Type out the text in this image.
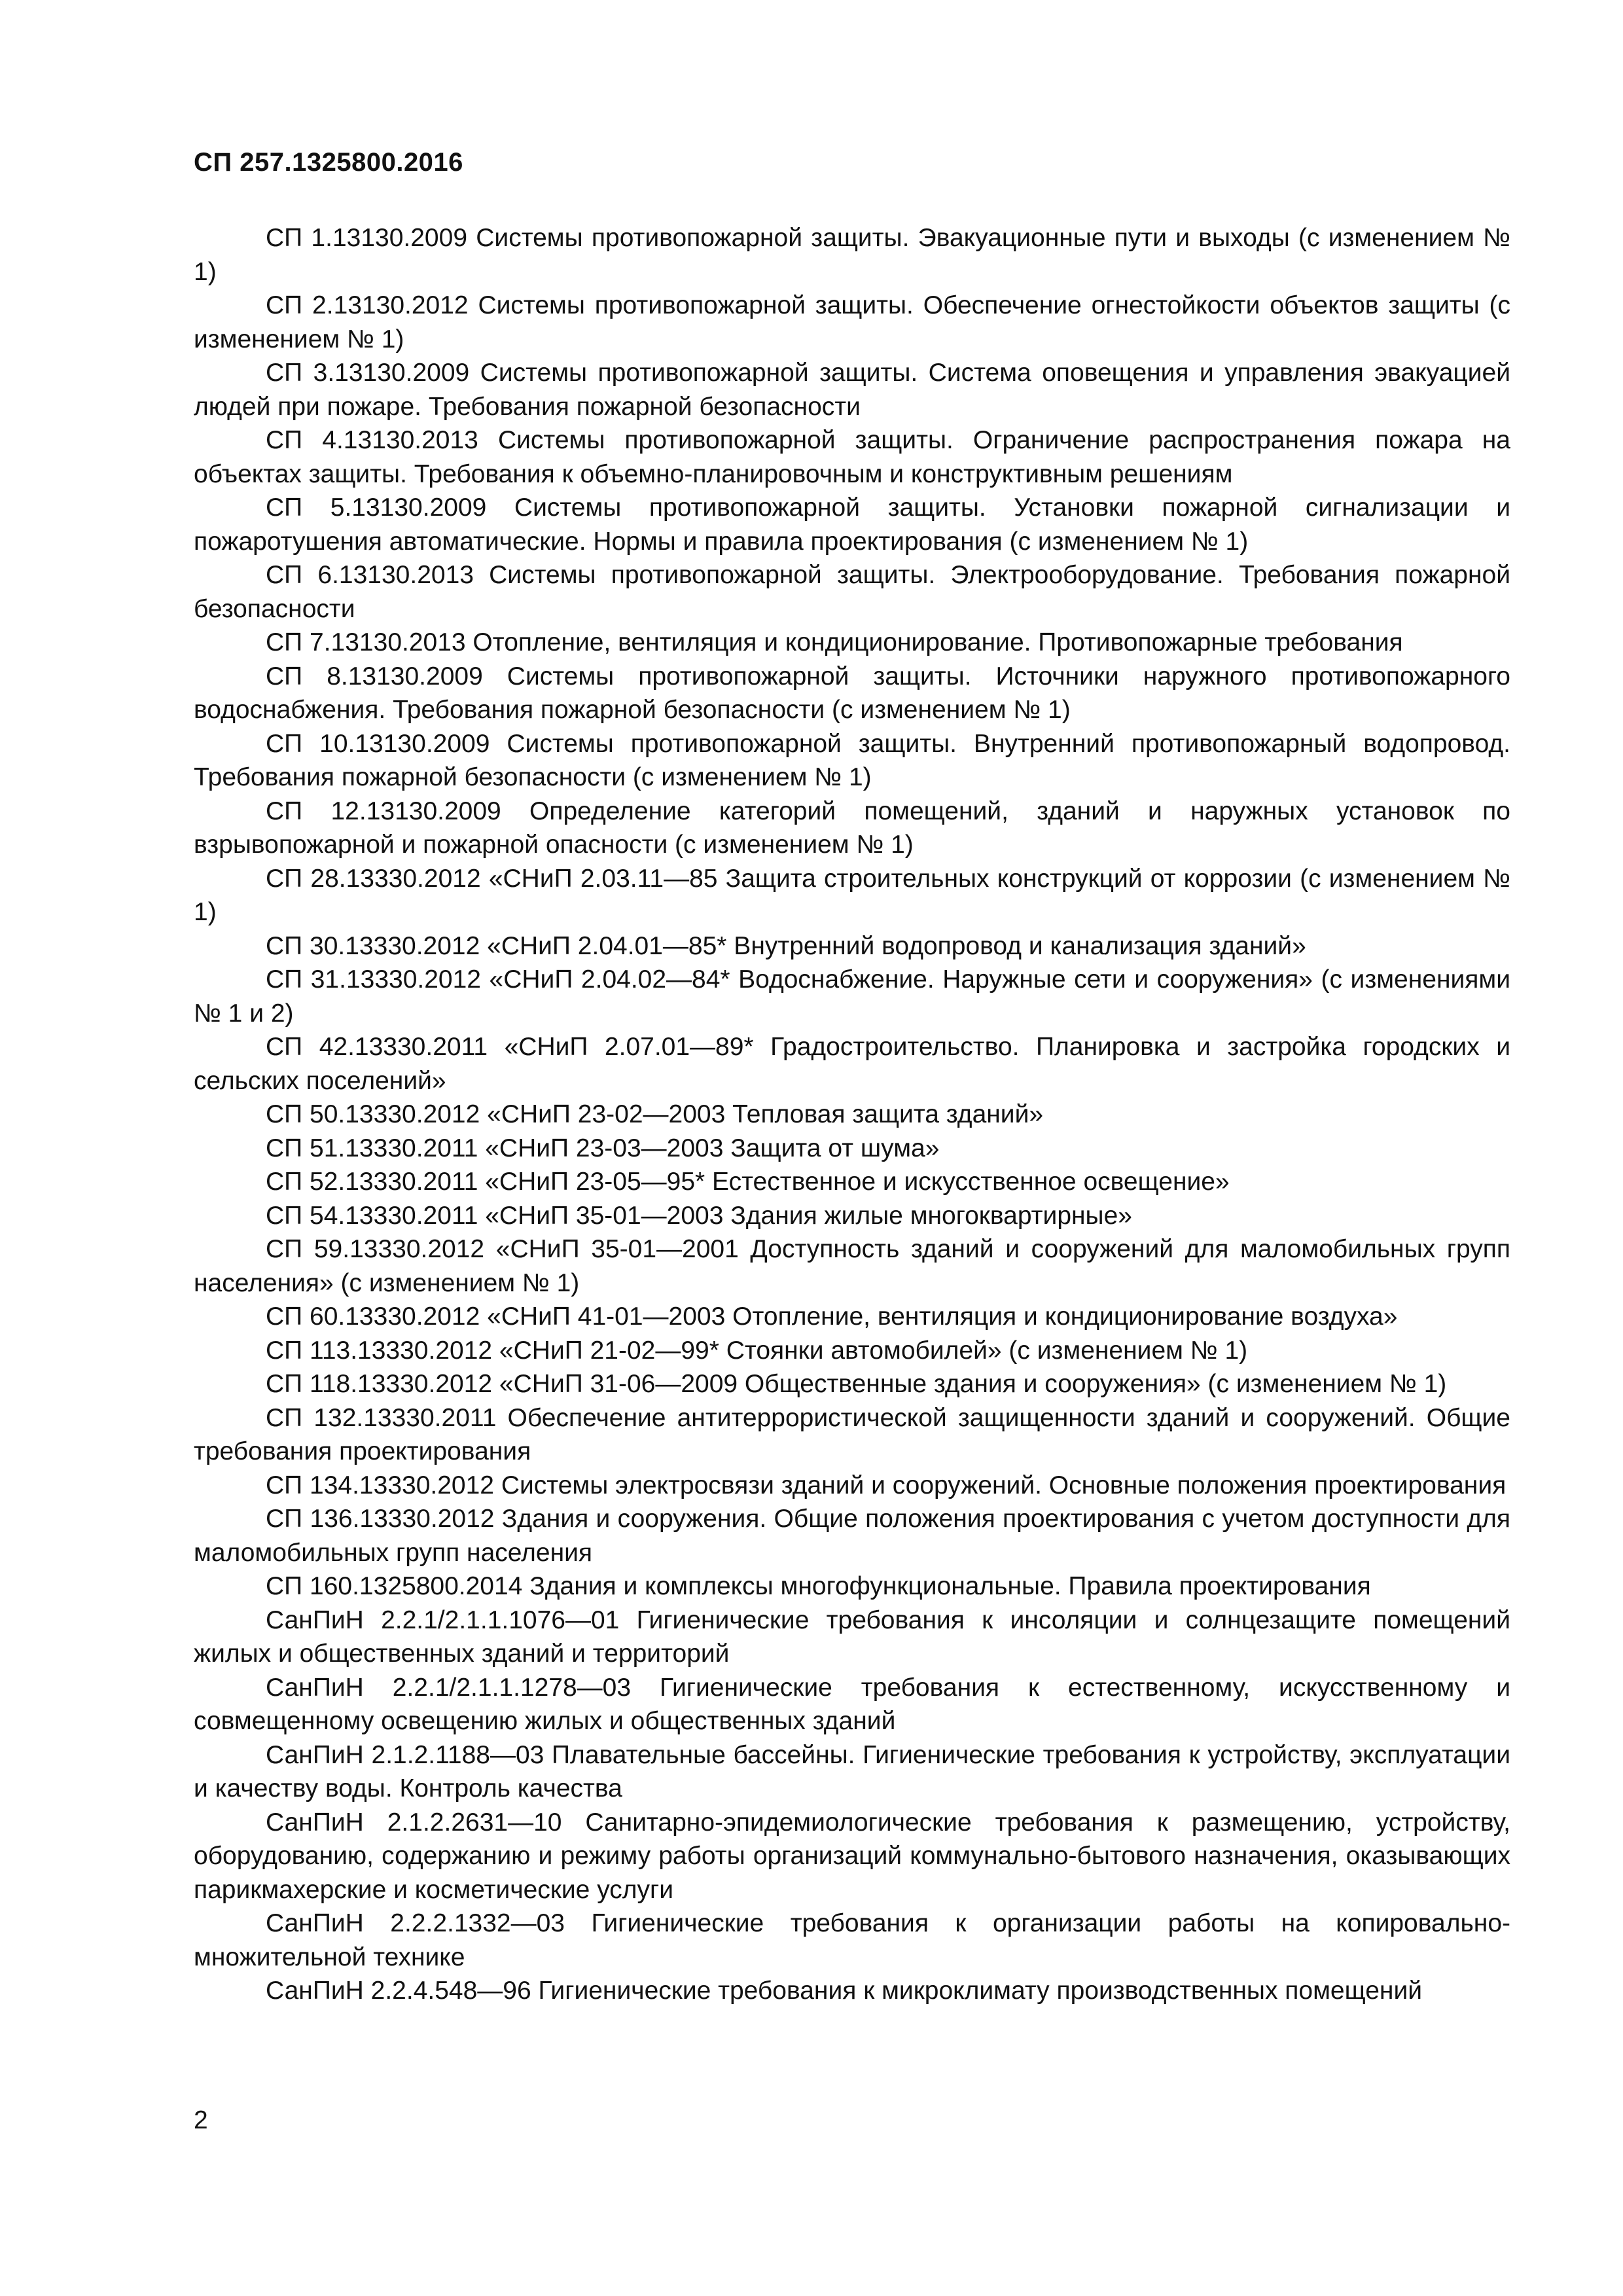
СП 257.1325800.2016
СП 1.13130.2009 Системы противопожарной защиты. Эвакуационные пути и выходы (с изменением № 1)
СП 2.13130.2012 Системы противопожарной защиты. Обеспечение огнестойкости объектов защиты (с изменением № 1)
СП 3.13130.2009 Системы противопожарной защиты. Система оповещения и управления эвакуацией людей при пожаре. Требования пожарной безопасности
СП 4.13130.2013 Системы противопожарной защиты. Ограничение распространения пожара на объектах защиты. Требования к объемно-планировочным и конструктивным решениям
СП 5.13130.2009 Системы противопожарной защиты. Установки пожарной сигнализации и пожаротушения автоматические. Нормы и правила проектирования (с изменением № 1)
СП 6.13130.2013 Системы противопожарной защиты. Электрооборудование. Требования пожарной безопасности
СП 7.13130.2013 Отопление, вентиляция и кондиционирование. Противопожарные требования
СП 8.13130.2009 Системы противопожарной защиты. Источники наружного противопожарного водоснабжения. Требования пожарной безопасности (с изменением № 1)
СП 10.13130.2009 Системы противопожарной защиты. Внутренний противопожарный водопровод. Требования пожарной безопасности (с изменением № 1)
СП 12.13130.2009 Определение категорий помещений, зданий и наружных установок по взрывопожарной и пожарной опасности (с изменением № 1)
СП 28.13330.2012 «СНиП 2.03.11—85 Защита строительных конструкций от коррозии (с изменением № 1)
СП 30.13330.2012 «СНиП 2.04.01—85* Внутренний водопровод и канализация зданий»
СП 31.13330.2012 «СНиП 2.04.02—84* Водоснабжение. Наружные сети и сооружения» (с изменениями № 1 и 2)
СП 42.13330.2011 «СНиП 2.07.01—89* Градостроительство. Планировка и застройка городских и сельских поселений»
СП 50.13330.2012 «СНиП 23-02—2003 Тепловая защита зданий»
СП 51.13330.2011 «СНиП 23-03—2003 Защита от шума»
СП 52.13330.2011 «СНиП 23-05—95* Естественное и искусственное освещение»
СП 54.13330.2011 «СНиП 35-01—2003 Здания жилые многоквартирные»
СП 59.13330.2012 «СНиП 35-01—2001 Доступность зданий и сооружений для маломобильных групп населения» (с изменением № 1)
СП 60.13330.2012 «СНиП 41-01—2003 Отопление, вентиляция и кондиционирование воздуха»
СП 113.13330.2012 «СНиП 21-02—99* Стоянки автомобилей» (с изменением № 1)
СП 118.13330.2012 «СНиП 31-06—2009 Общественные здания и сооружения» (с изменением № 1)
СП 132.13330.2011 Обеспечение антитеррористической защищенности зданий и сооружений. Общие требования проектирования
СП 134.13330.2012 Системы электросвязи зданий и сооружений. Основные положения проектирования
СП 136.13330.2012 Здания и сооружения. Общие положения проектирования с учетом доступности для маломобильных групп населения
СП 160.1325800.2014 Здания и комплексы многофункциональные. Правила проектирования
СанПиН 2.2.1/2.1.1.1076—01 Гигиенические требования к инсоляции и солнцезащите помещений жилых и общественных зданий и территорий
СанПиН 2.2.1/2.1.1.1278—03 Гигиенические требования к естественному, искусственному и совмещенному освещению жилых и общественных зданий
СанПиН 2.1.2.1188—03 Плавательные бассейны. Гигиенические требования к устройству, эксплуатации и качеству воды. Контроль качества
СанПиН 2.1.2.2631—10 Санитарно-эпидемиологические требования к размещению, устройству, оборудованию, содержанию и режиму работы организаций коммунально-бытового назначения, оказывающих парикмахерские и косметические услуги
СанПиН 2.2.2.1332—03 Гигиенические требования к организации работы на копировально-множительной технике
СанПиН 2.2.4.548—96 Гигиенические требования к микроклимату производственных помещений

2
